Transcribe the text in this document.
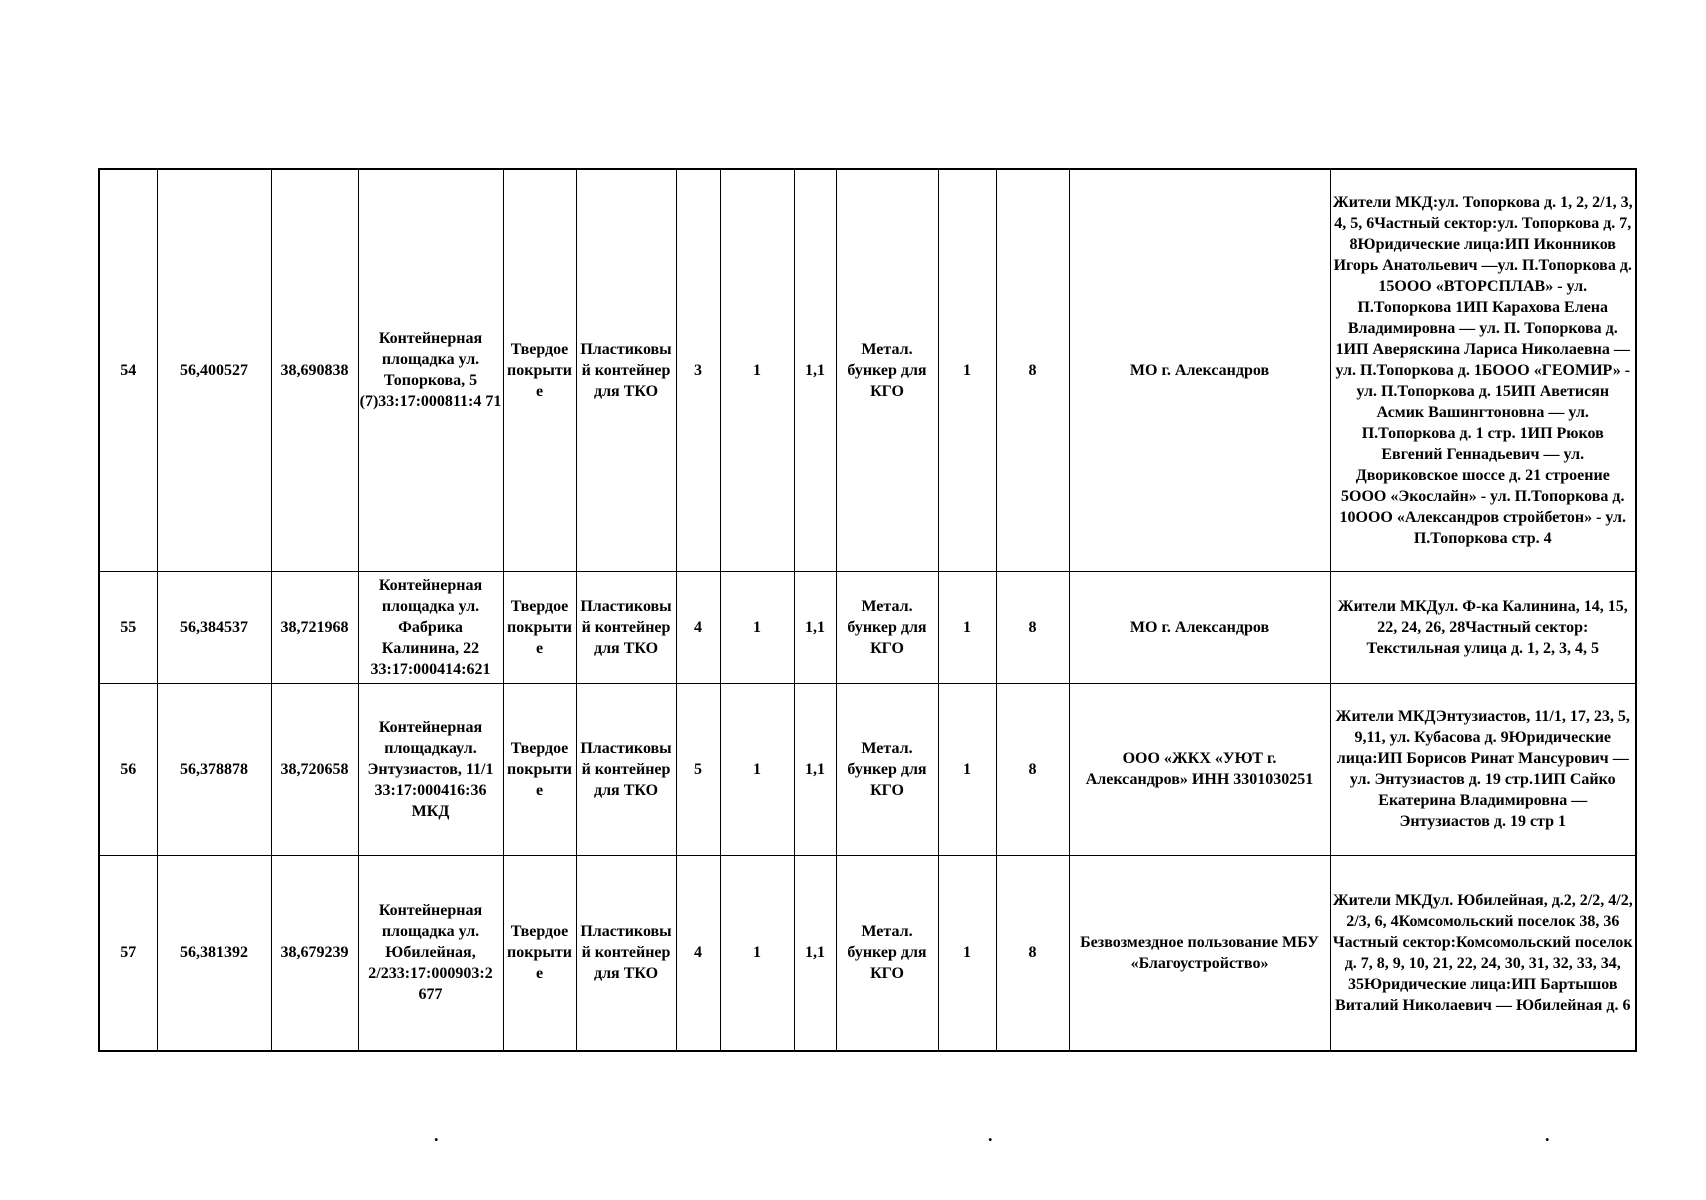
54	56,400527	38,690838	Контейнерная площадка ул. Топоркова, 5 (7)33:17:000811:4 71	Твердое покрыти е	Пластиковы й контейнер для ТКО	3	1	1,1	Метал. бункер для КГО	1	8	МО г. Александров	Жители МКД:ул. Топоркова д. 1, 2, 2/1, 3, 4, 5, 6Частный сектор:ул. Топоркова д. 7, 8Юридические лица:ИП Иконников Игорь Анатольевич —ул. П.Топоркова д. 15ООО «ВТОРСПЛАВ» - ул. П.Топоркова 1ИП Карахова Елена Владимировна — ул. П. Топоркова д. 1ИП Аверяскина Лариса Николаевна — ул. П.Топоркова д. 1БООО «ГЕОМИР» - ул. П.Топоркова д. 15ИП Аветисян Асмик Вашингтоновна — ул. П.Топоркова д. 1 стр. 1ИП Рюков Евгений Геннадьевич — ул. Двориковское шоссе д. 21 строение 5ООО «Экослайн» - ул. П.Топоркова д. 10ООО «Александров стройбетон» - ул. П.Топоркова стр. 4
55	56,384537	38,721968	Контейнерная площадка ул. Фабрика Калинина, 22 33:17:000414:621	Твердое покрыти е	Пластиковы й контейнер для ТКО	4	1	1,1	Метал. бункер для КГО	1	8	МО г. Александров	Жители МКДул. Ф-ка Калинина, 14, 15, 22, 24, 26, 28Частный сектор: Текстильная улица д. 1, 2, 3, 4, 5
56	56,378878	38,720658	Контейнерная площадкаул. Энтузиастов, 11/1 33:17:000416:36 МКД	Твердое покрыти е	Пластиковы й контейнер для ТКО	5	1	1,1	Метал. бункер для КГО	1	8	ООО «ЖКХ «УЮТ г. Александров» ИНН 3301030251	Жители МКДЭнтузиастов, 11/1, 17, 23, 5, 9,11, ул. Кубасова д. 9Юридические лица:ИП Борисов Ринат Мансурович — ул. Энтузиастов д. 19 стр.1ИП Сайко Екатерина Владимировна — Энтузиастов д. 19 стр 1
57	56,381392	38,679239	Контейнерная площадка ул. Юбилейная, 2/233:17:000903:2 677	Твердое покрыти е	Пластиковы й контейнер для ТКО	4	1	1,1	Метал. бункер для КГО	1	8	Безвозмездное пользование МБУ «Благоустройство»	Жители МКДул. Юбилейная, д.2, 2/2, 4/2, 2/3, 6, 4Комсомольский поселок 38, 36 Частный сектор:Комсомольский поселок д. 7, 8, 9, 10, 21, 22, 24, 30, 31, 32, 33, 34, 35Юридические лица:ИП Бартышов Виталий Николаевич — Юбилейная д. 6
.	.	.
